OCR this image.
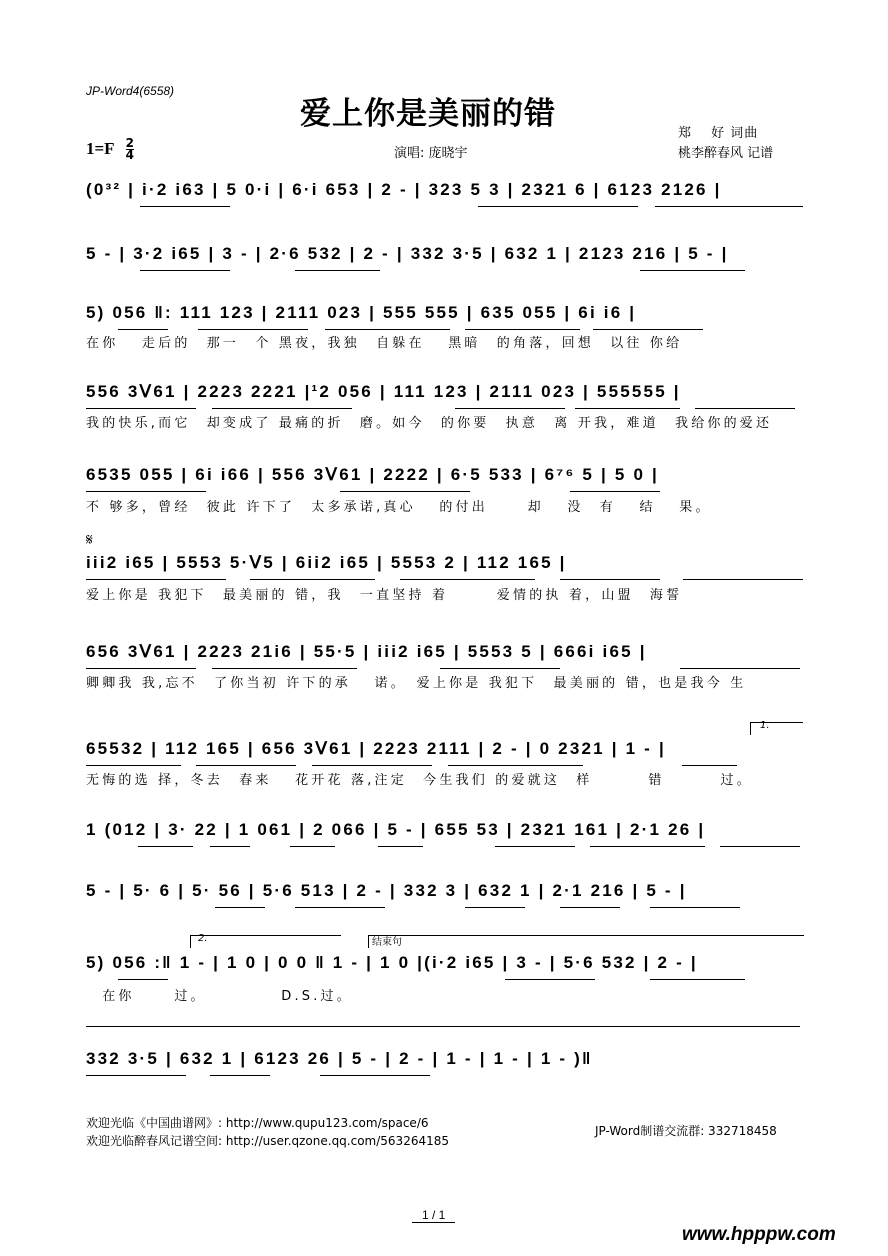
JP-Word4(6558)
爱上你是美丽的错
郑　 好 词曲
桃李醉春风 记谱
演唱: 庞晓宇
$1=F \frac{2}{4}$
(0³² | i·2 i63 | 5 0·i | 6·i 653 | 2 - | 323 5 3 | 2321 6 | 6123 2126 |
5 - | 3·2 i65 | 3 - | 2·6 532 | 2 - | 332 3·5 | 632 1 | 2123 216 | 5 - |
5) 056 ‖: 111 123 | 2111 023 | 555 555 | 635 055 | 6i i6 |
在你　 走后的　那一　个 黑夜，我独　自躲在　 黑暗　的角落，回想　以往 你给
556 3ᐯ61 | 2223 2221 |¹2 056 | 111 123 | 2111 023 | 555555 |
我的快乐,而它　却变成了 最痛的折　磨。如今　的你要　执意　离 开我，难道　我给你的爱还
6535 055 | 6i i66 | 556 3ᐯ61 | 2222 | 6·5 533 | 6⁷⁶ 5 | 5 0 |
不 够多，曾经　彼此 许下了　太多承诺,真心　 的付出　　 却　 没　有　 结　 果。
𝄋
iii2 i65 | 5553 5·ᐯ5 | 6ii2 i65 | 5553 2 | 112 165 |
爱上你是 我犯下　最美丽的 错，我　一直坚持 着　　　爱情的执 着，山盟　海誓
656 3ᐯ61 | 2223 21i6 | 55·5 | iii2 i65 | 5553 5 | 666i i65 |
卿卿我 我,忘不　了你当初 许下的承　 诺。　爱上你是 我犯下　最美丽的 错，也是我今 生
1.
65532 | 112 165 | 656 3ᐯ61 | 2223 2111 | 2 - | 0 2321 | 1 - |
无悔的选 择，冬去　春来　 花开花 落,注定　今生我们 的爱就这　样　　　 错　　　 过。
1 (012 | 3· 22 | 1 061 | 2 066 | 5 - | 655 53 | 2321 161 | 2·1 26 |
5 - | 5· 6 | 5· 56 | 5·6 513 | 2 - | 332 3 | 632 1 | 2·1 216 | 5 - |
2.	结束句
5) 056 :‖ 1 - | 1 0 | 0 0 ‖ 1 - | 1 0 |(i·2 i65 | 3 - | 5·6 532 | 2 - |
　在你　　 过。　　　　　D.S.过。
332 3·5 | 632 1 | 6123 26 | 5 - | 2 - | 1 - | 1 - | 1 - )‖
欢迎光临《中国曲谱网》: http://www.qupu123.com/space/6
欢迎光临醉春风记谱空间: http://user.qzone.qq.com/563264185
JP-Word制谱交流群: 332718458
1 / 1
www.hpppw.com
